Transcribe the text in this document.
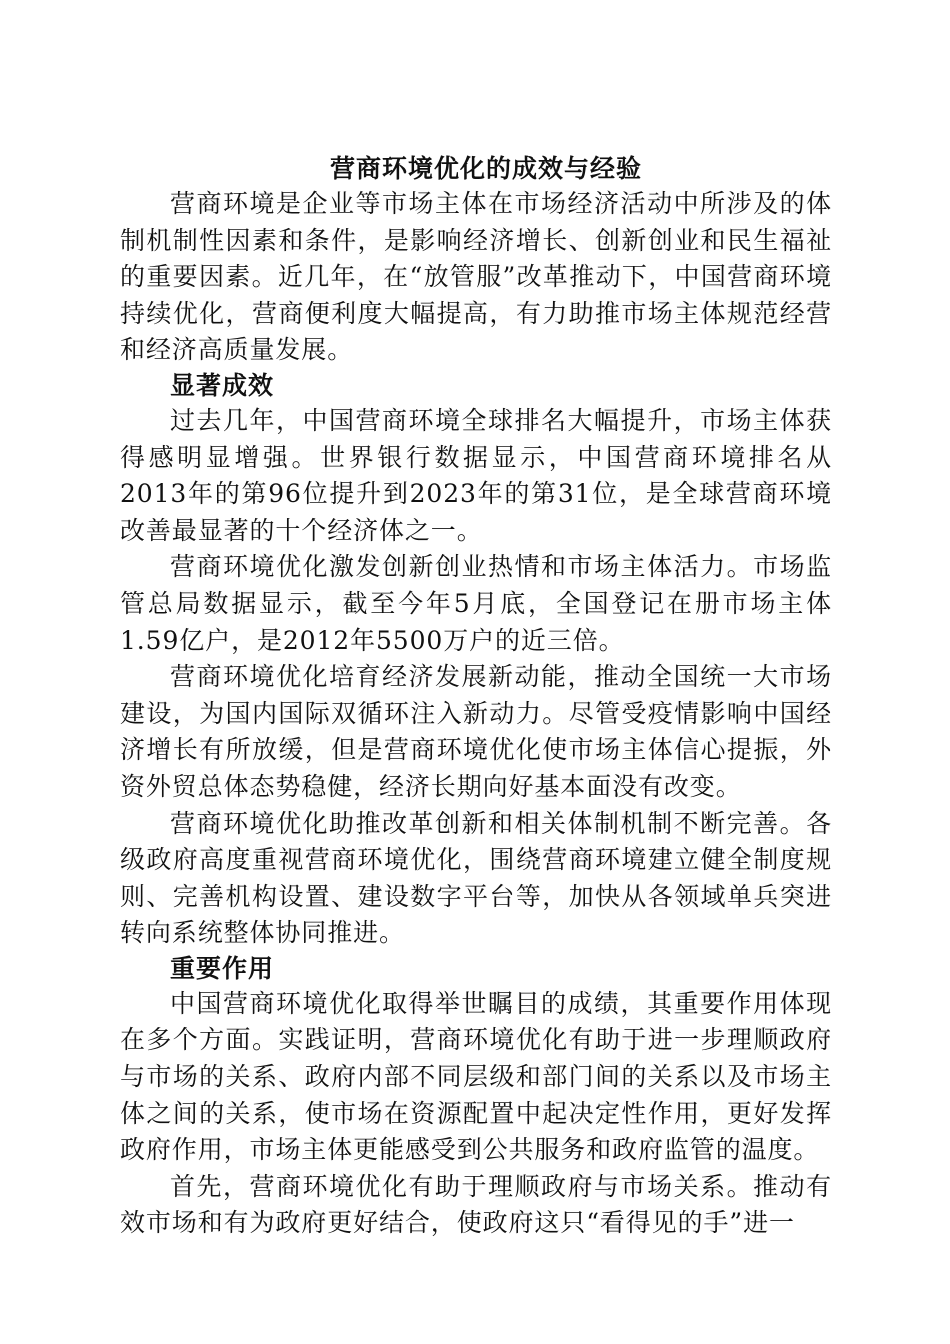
营商环境优化的成效与经验

营商环境是企业等市场主体在市场经济活动中所涉及的体制机制性因素和条件，是影响经济增长、创新创业和民生福祉的重要因素。近几年，在“放管服”改革推动下，中国营商环境持续优化，营商便利度大幅提高，有力助推市场主体规范经营和经济高质量发展。

显著成效

过去几年，中国营商环境全球排名大幅提升，市场主体获得感明显增强。世界银行数据显示，中国营商环境排名从2013年的第96位提升到2023年的第31位，是全球营商环境改善最显著的十个经济体之一。

营商环境优化激发创新创业热情和市场主体活力。市场监管总局数据显示，截至今年5月底，全国登记在册市场主体1.59亿户，是2012年5500万户的近三倍。

营商环境优化培育经济发展新动能，推动全国统一大市场建设，为国内国际双循环注入新动力。尽管受疫情影响中国经济增长有所放缓，但是营商环境优化使市场主体信心提振，外资外贸总体态势稳健，经济长期向好基本面没有改变。

营商环境优化助推改革创新和相关体制机制不断完善。各级政府高度重视营商环境优化，围绕营商环境建立健全制度规则、完善机构设置、建设数字平台等，加快从各领域单兵突进转向系统整体协同推进。

重要作用

中国营商环境优化取得举世瞩目的成绩，其重要作用体现在多个方面。实践证明，营商环境优化有助于进一步理顺政府与市场的关系、政府内部不同层级和部门间的关系以及市场主体之间的关系，使市场在资源配置中起决定性作用，更好发挥政府作用，市场主体更能感受到公共服务和政府监管的温度。

首先，营商环境优化有助于理顺政府与市场关系。推动有效市场和有为政府更好结合，使政府这只“看得见的手”进一
